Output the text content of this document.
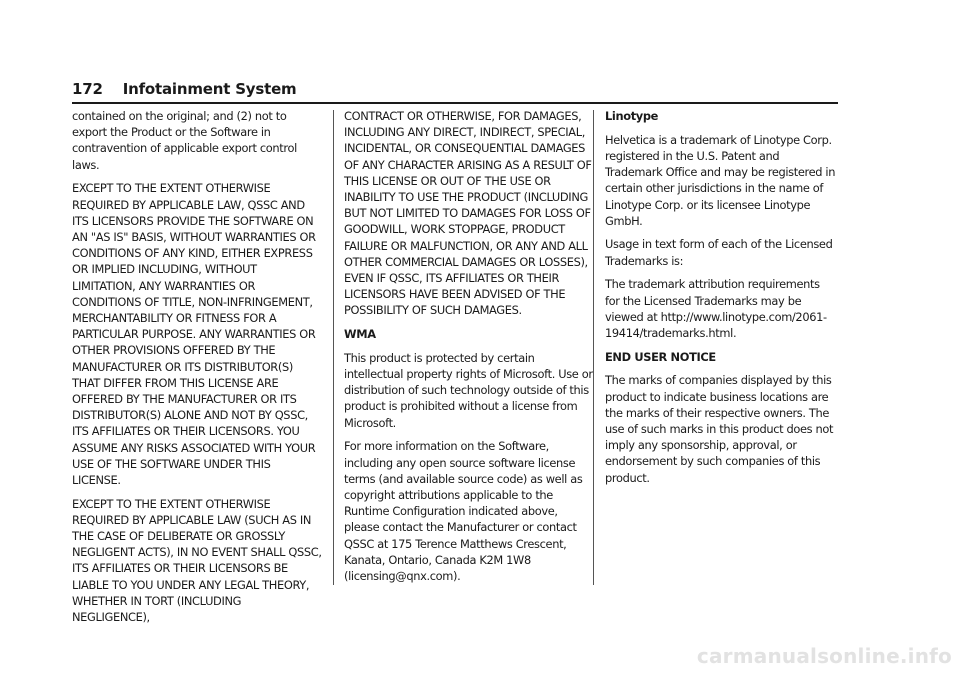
172 Infotainment System

contained on the original; and (2) not to export the Product or the Software in contravention of applicable export control laws.

EXCEPT TO THE EXTENT OTHERWISE REQUIRED BY APPLICABLE LAW, QSSC AND ITS LICENSORS PROVIDE THE SOFTWARE ON AN "AS IS" BASIS, WITHOUT WARRANTIES OR CONDITIONS OF ANY KIND, EITHER EXPRESS OR IMPLIED INCLUDING, WITHOUT LIMITATION, ANY WARRANTIES OR CONDITIONS OF TITLE, NON-INFRINGEMENT, MERCHANTABILITY OR FITNESS FOR A PARTICULAR PURPOSE. ANY WARRANTIES OR OTHER PROVISIONS OFFERED BY THE MANUFACTURER OR ITS DISTRIBUTOR(S) THAT DIFFER FROM THIS LICENSE ARE OFFERED BY THE MANUFACTURER OR ITS DISTRIBUTOR(S) ALONE AND NOT BY QSSC, ITS AFFILIATES OR THEIR LICENSORS. YOU ASSUME ANY RISKS ASSOCIATED WITH YOUR USE OF THE SOFTWARE UNDER THIS LICENSE.

EXCEPT TO THE EXTENT OTHERWISE REQUIRED BY APPLICABLE LAW (SUCH AS IN THE CASE OF DELIBERATE OR GROSSLY NEGLIGENT ACTS), IN NO EVENT SHALL QSSC, ITS AFFILIATES OR THEIR LICENSORS BE LIABLE TO YOU UNDER ANY LEGAL THEORY, WHETHER IN TORT (INCLUDING NEGLIGENCE),

CONTRACT OR OTHERWISE, FOR DAMAGES, INCLUDING ANY DIRECT, INDIRECT, SPECIAL, INCIDENTAL, OR CONSEQUENTIAL DAMAGES OF ANY CHARACTER ARISING AS A RESULT OF THIS LICENSE OR OUT OF THE USE OR INABILITY TO USE THE PRODUCT (INCLUDING BUT NOT LIMITED TO DAMAGES FOR LOSS OF GOODWILL, WORK STOPPAGE, PRODUCT FAILURE OR MALFUNCTION, OR ANY AND ALL OTHER COMMERCIAL DAMAGES OR LOSSES), EVEN IF QSSC, ITS AFFILIATES OR THEIR LICENSORS HAVE BEEN ADVISED OF THE POSSIBILITY OF SUCH DAMAGES.

WMA

This product is protected by certain intellectual property rights of Microsoft. Use or distribution of such technology outside of this product is prohibited without a license from Microsoft.

For more information on the Software, including any open source software license terms (and available source code) as well as copyright attributions applicable to the Runtime Configuration indicated above, please contact the Manufacturer or contact QSSC at 175 Terence Matthews Crescent, Kanata, Ontario, Canada K2M 1W8 (licensing@qnx.com).

Linotype

Helvetica is a trademark of Linotype Corp. registered in the U.S. Patent and Trademark Office and may be registered in certain other jurisdictions in the name of Linotype Corp. or its licensee Linotype GmbH.

Usage in text form of each of the Licensed Trademarks is:

The trademark attribution requirements for the Licensed Trademarks may be viewed at http://www.linotype.com/2061-19414/trademarks.html.

END USER NOTICE

The marks of companies displayed by this product to indicate business locations are the marks of their respective owners. The use of such marks in this product does not imply any sponsorship, approval, or endorsement by such companies of this product.

carmanualsonline.info
